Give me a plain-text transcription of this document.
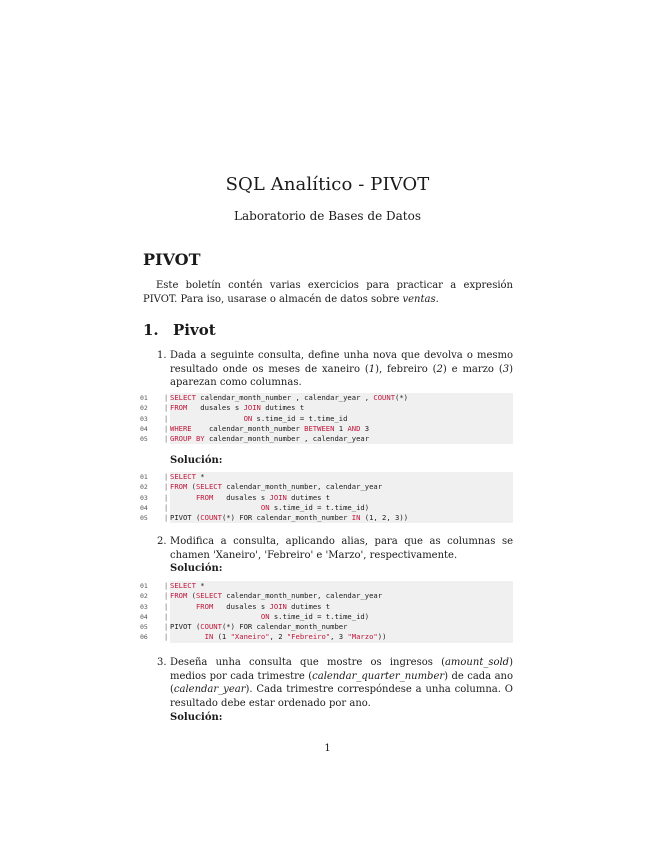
SQL Analítico - PIVOT
Laboratorio de Bases de Datos
PIVOT
Este boletín contén varias exercicios para practicar a expresión PIVOT. Para iso, usarase o almacén de datos sobre ventas.
1. Pivot
1. Dada a seguinte consulta, define unha nova que devolva o mesmo resultado onde os meses de xaneiro (1), febreiro (2) e marzo (3) aparezan como columnas.
01	| SELECT calendar_month_number , calendar_year , COUNT(*)
02	| FROM   dusales s JOIN dutimes t
03	|	ON s.time_id = t.time_id
04	| WHERE    calendar_month_number BETWEEN 1 AND 3
05	| GROUP BY calendar_month_number , calendar_year
Solución:
01	| SELECT *
02	| FROM (SELECT calendar_month_number, calendar_year
03	|	FROM   dusales s JOIN dutimes t
04	|	ON s.time_id = t.time_id)
05	| PIVOT (COUNT(*) FOR calendar_month_number IN (1, 2, 3))
2. Modifica a consulta, aplicando alias, para que as columnas se chamen 'Xaneiro', 'Febreiro' e 'Marzo', respectivamente.
Solución:
01	| SELECT *
02	| FROM (SELECT calendar_month_number, calendar_year
03	|	FROM   dusales s JOIN dutimes t
04	|	ON s.time_id = t.time_id)
05	| PIVOT (COUNT(*) FOR calendar_month_number
06	|	IN (1 "Xaneiro", 2 "Febreiro", 3 "Marzo"))
3. Deseña unha consulta que mostre os ingresos (amount_sold) medios por cada trimestre (calendar_quarter_number) de cada ano (calendar_year). Cada trimestre correspóndese a unha columna. O resultado debe estar ordenado por ano.
Solución:
1
